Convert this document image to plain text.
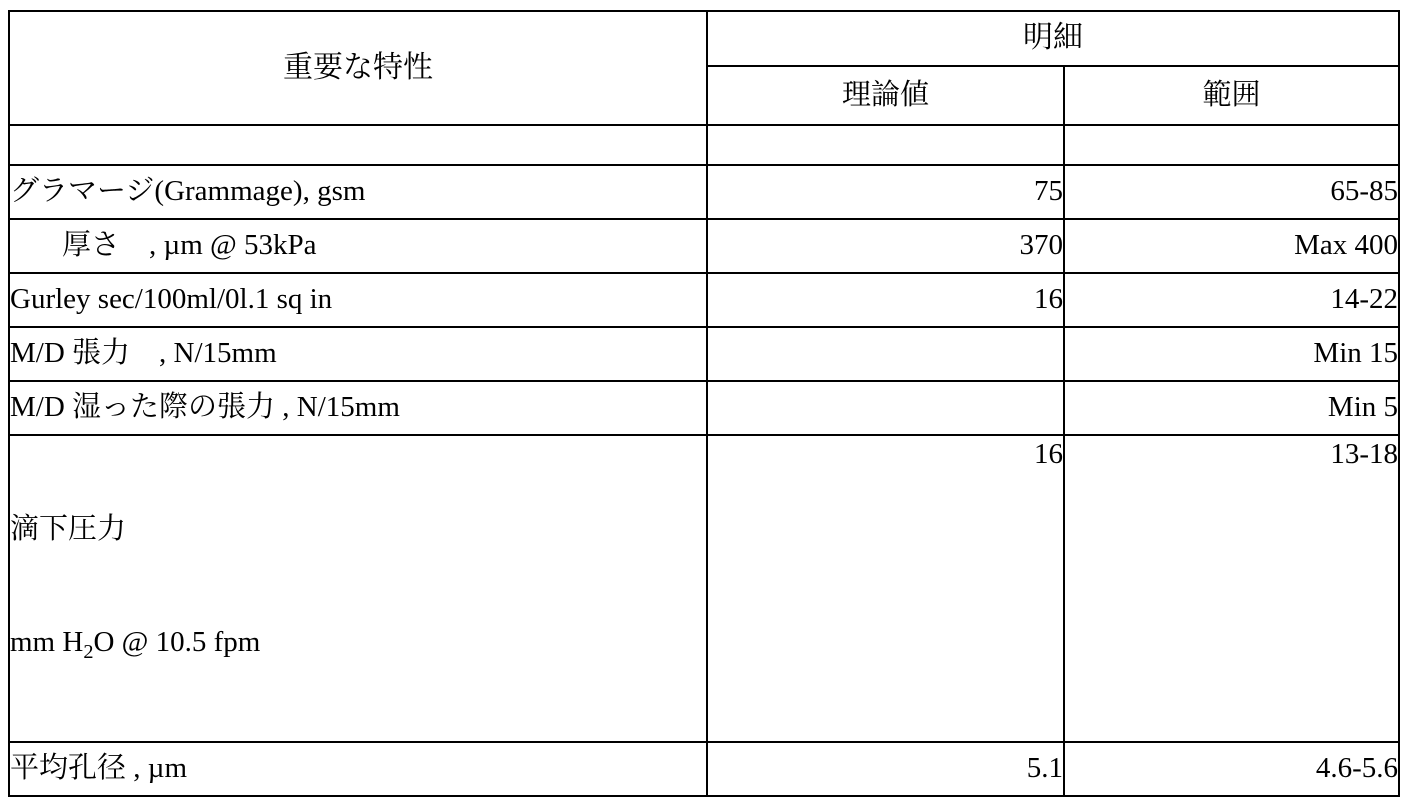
重要な特性	明細	
	理論値	範囲

グラマージ(Grammage), gsm	75	65-85
厚さ　, µm @ 53kPa	370	Max 400
Gurley sec/100ml/0l.1 sq in	16	14-22
M/D 張力　, N/15mm		Min 15
M/D 湿った際の張力 , N/15mm		Min 5

滴下圧力

mm $H_2O$ @ 10.5 fpm	16	13-18
平均孔径 , µm	5.1	4.6-5.6
